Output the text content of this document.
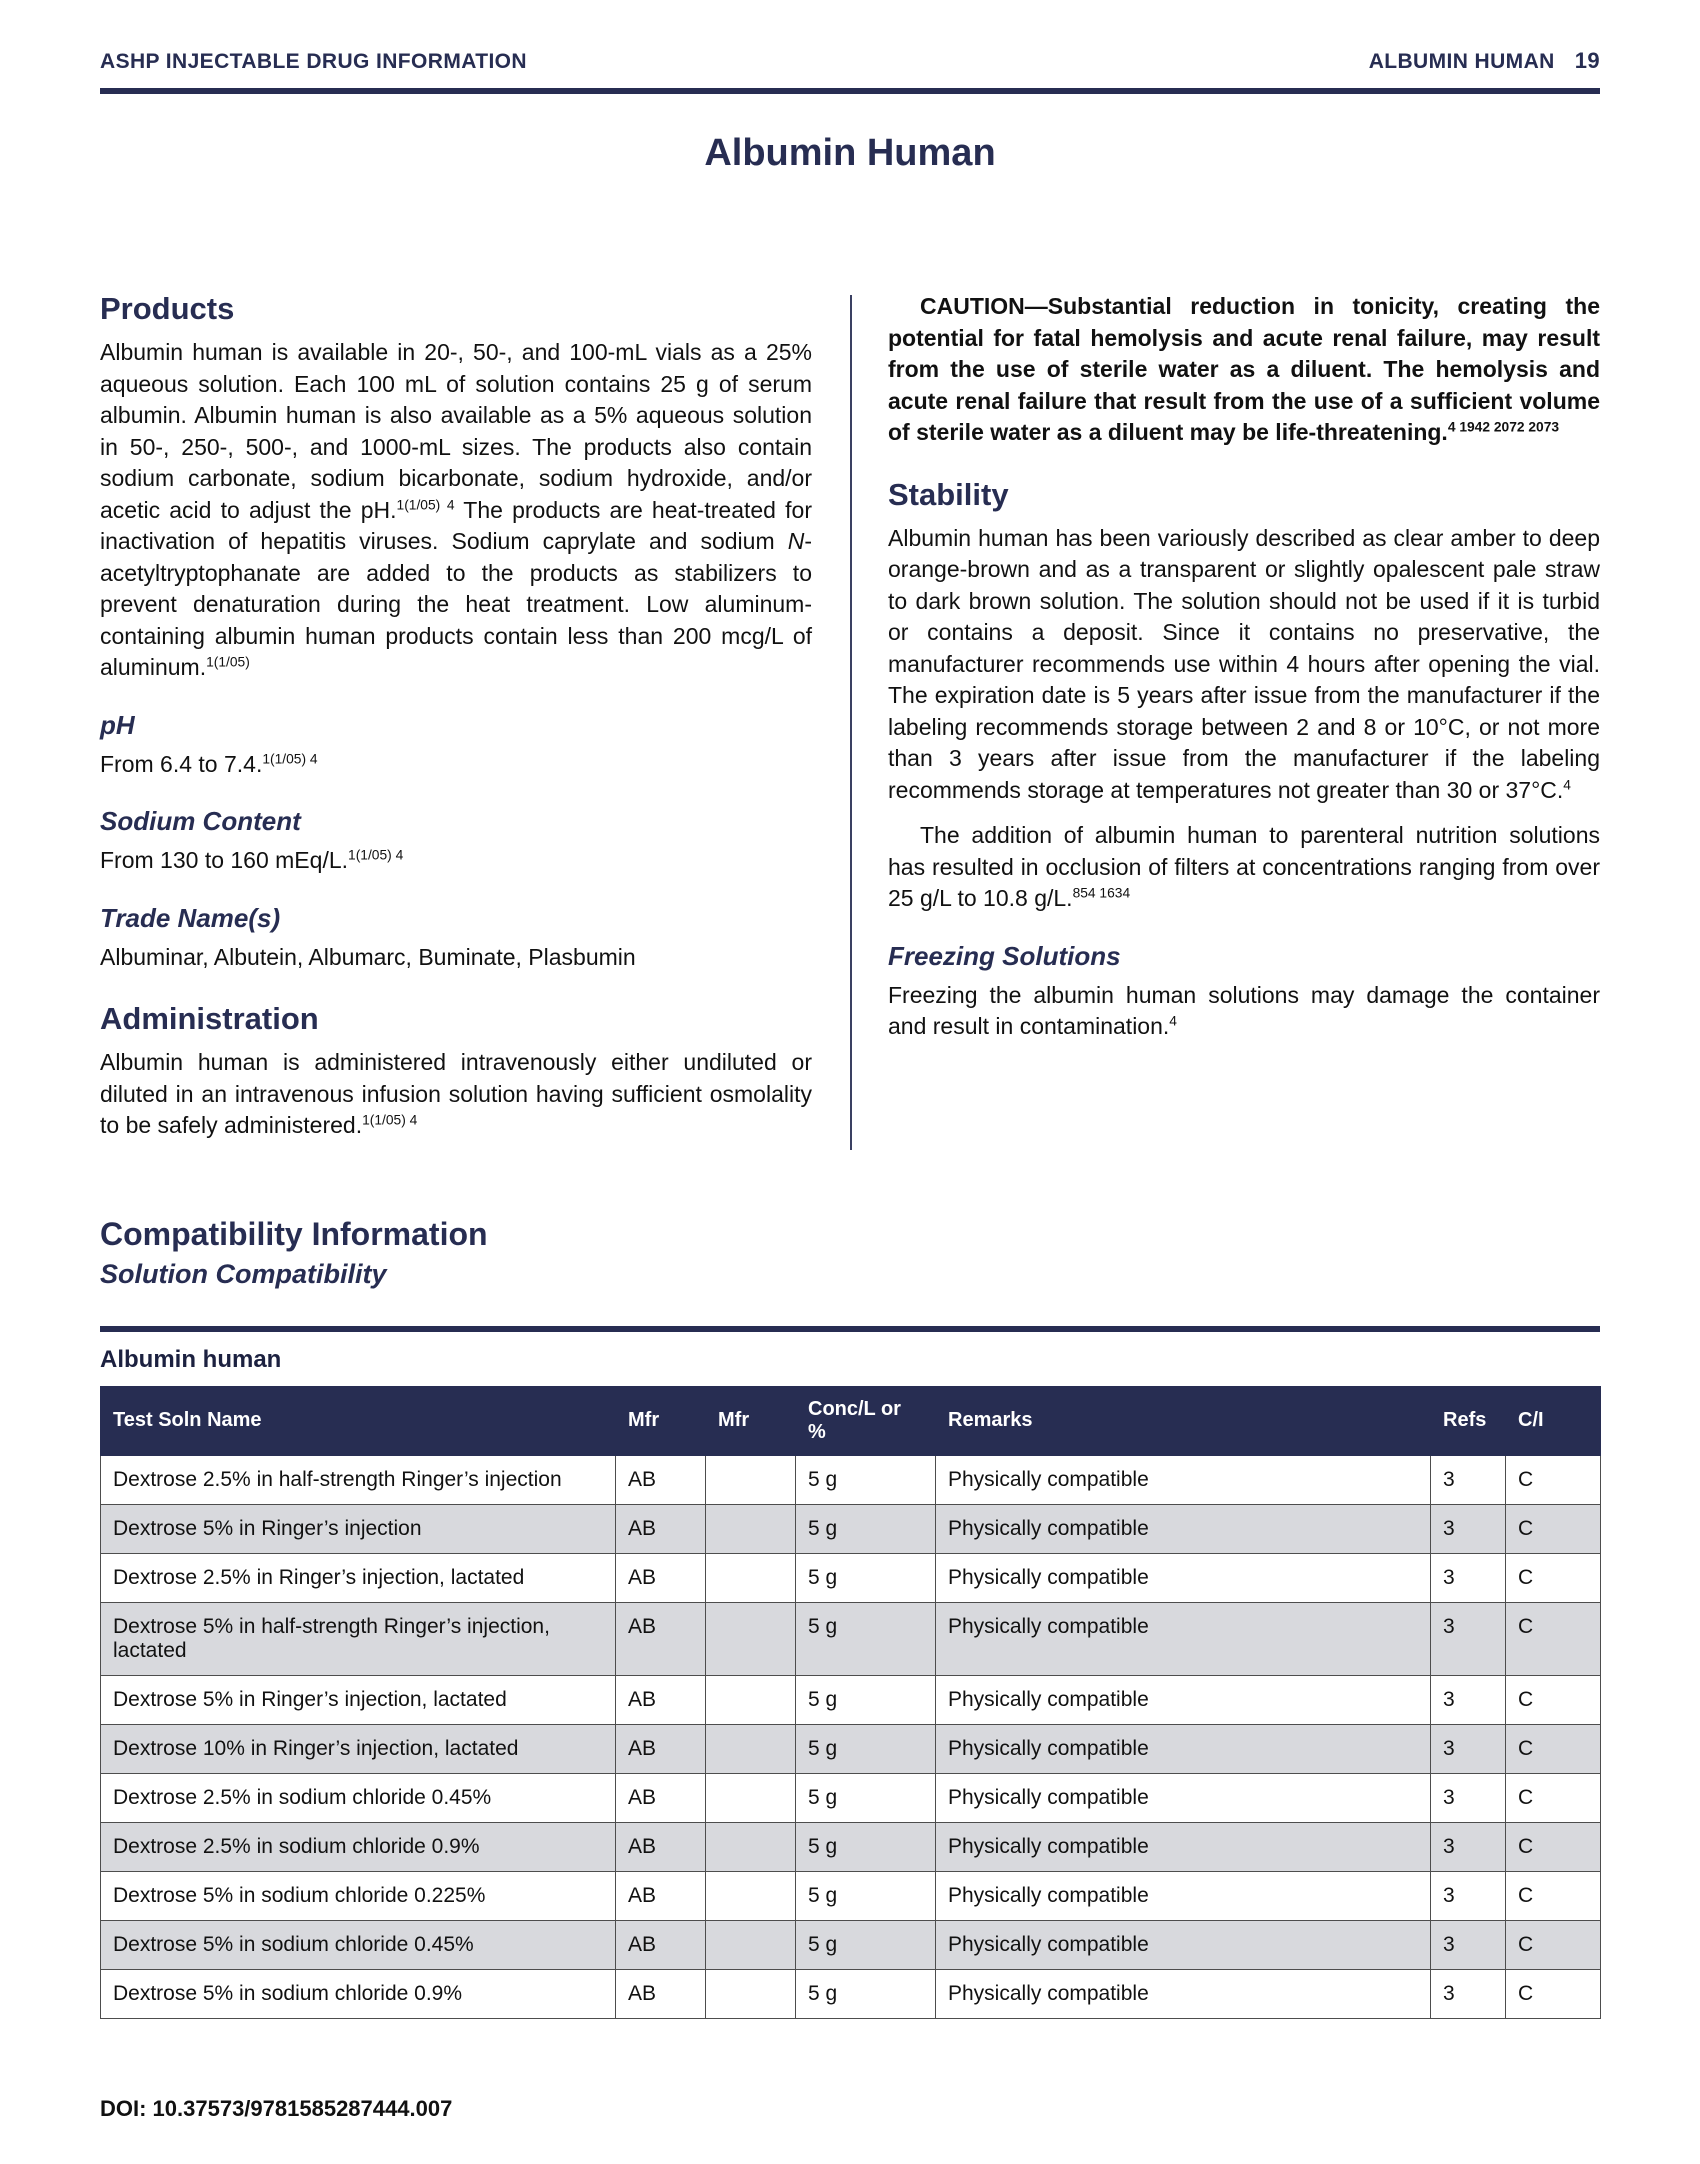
ASHP INJECTABLE DRUG INFORMATION	ALBUMIN HUMAN 19
Albumin Human
Products

Albumin human is available in 20-, 50-, and 100-mL vials as a 25% aqueous solution. Each 100 mL of solution contains 25 g of serum albumin. Albumin human is also available as a 5% aqueous solution in 50-, 250-, 500-, and 1000-mL sizes. The products also contain sodium carbonate, sodium bicarbonate, sodium hydroxide, and/or acetic acid to adjust the pH.$^{1(1/05) 4}$ The products are heat-treated for inactivation of hepatitis viruses. Sodium caprylate and sodium N-acetyltryptophanate are added to the products as stabilizers to prevent denaturation during the heat treatment. Low aluminum-containing albumin human products contain less than 200 mcg/L of aluminum.$^{1(1/05)}$

pH

From 6.4 to 7.4.$^{1(1/05) 4}$

Sodium Content

From 130 to 160 mEq/L.$^{1(1/05) 4}$

Trade Name(s)

Albuminar, Albutein, Albumarc, Buminate, Plasbumin

Administration

Albumin human is administered intravenously either undiluted or diluted in an intravenous infusion solution having sufficient osmolality to be safely administered.$^{1(1/05) 4}$

CAUTION—Substantial reduction in tonicity, creating the potential for fatal hemolysis and acute renal failure, may result from the use of sterile water as a diluent. The hemolysis and acute renal failure that result from the use of a sufficient volume of sterile water as a diluent may be life-threatening.$^{4 1942 2072 2073}$

Stability

Albumin human has been variously described as clear amber to deep orange-brown and as a transparent or slightly opalescent pale straw to dark brown solution. The solution should not be used if it is turbid or contains a deposit. Since it contains no preservative, the manufacturer recommends use within 4 hours after opening the vial. The expiration date is 5 years after issue from the manufacturer if the labeling recommends storage between 2 and 8 or 10°C, or not more than 3 years after issue from the manufacturer if the labeling recommends storage at temperatures not greater than 30 or 37°C.$^4$

The addition of albumin human to parenteral nutrition solutions has resulted in occlusion of filters at concentrations ranging from over 25 g/L to 10.8 g/L.$^{854 1634}$

Freezing Solutions

Freezing the albumin human solutions may damage the container and result in contamination.$^4$

Compatibility Information
Solution Compatibility
Albumin human
Test Soln Name	Mfr	Mfr	Conc/L or %	Remarks	Refs	C/I
Dextrose 2.5% in half-strength Ringer’s injection	AB		5 g	Physically compatible	3	C
Dextrose 5% in Ringer’s injection	AB		5 g	Physically compatible	3	C
Dextrose 2.5% in Ringer’s injection, lactated	AB		5 g	Physically compatible	3	C
Dextrose 5% in half-strength Ringer’s injection, lactated	AB		5 g	Physically compatible	3	C
Dextrose 5% in Ringer’s injection, lactated	AB		5 g	Physically compatible	3	C
Dextrose 10% in Ringer’s injection, lactated	AB		5 g	Physically compatible	3	C
Dextrose 2.5% in sodium chloride 0.45%	AB		5 g	Physically compatible	3	C
Dextrose 2.5% in sodium chloride 0.9%	AB		5 g	Physically compatible	3	C
Dextrose 5% in sodium chloride 0.225%	AB		5 g	Physically compatible	3	C
Dextrose 5% in sodium chloride 0.45%	AB		5 g	Physically compatible	3	C
Dextrose 5% in sodium chloride 0.9%	AB		5 g	Physically compatible	3	C
DOI: 10.37573/9781585287444.007
